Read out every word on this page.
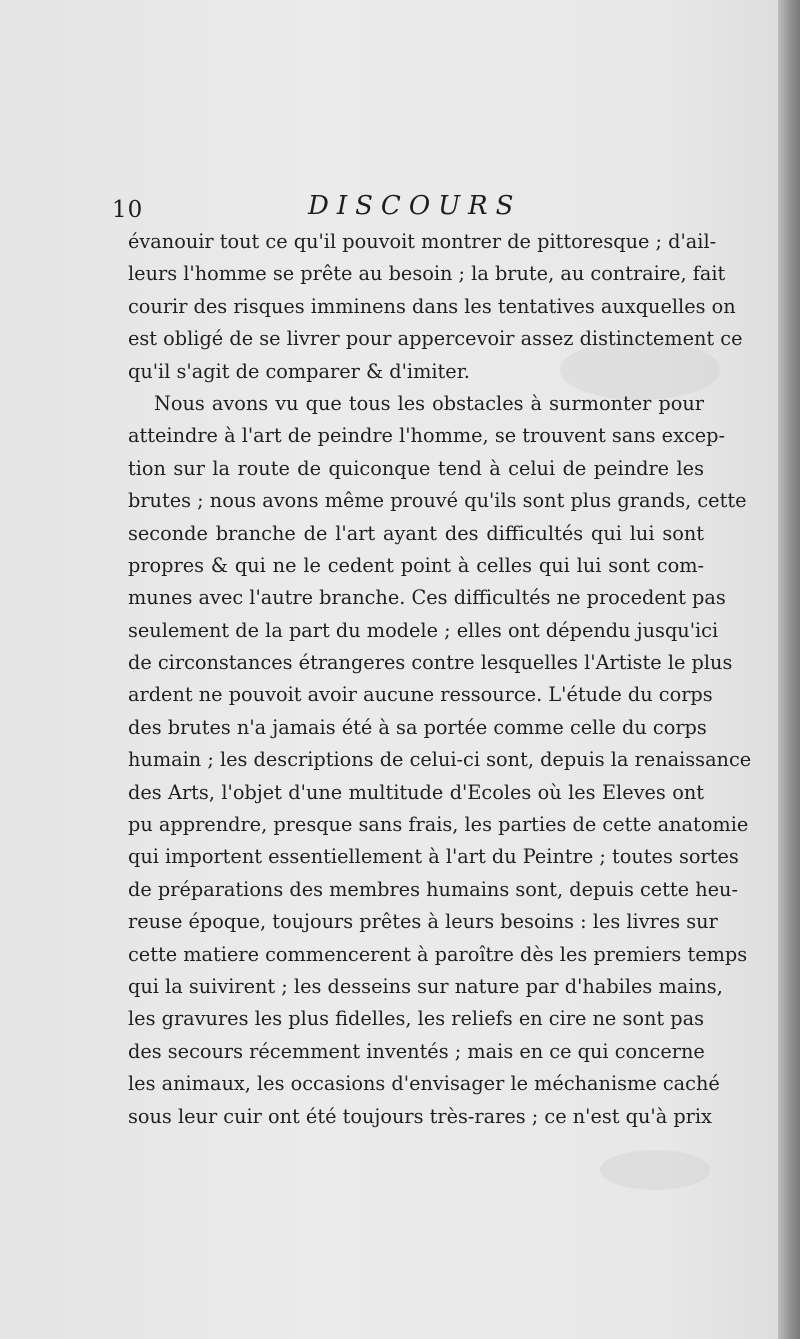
10	DISCOURS
évanouir tout ce qu'il pouvoit montrer de pittoresque ; d'ail-
leurs l'homme se prête au besoin ; la brute, au contraire, fait
courir des risques imminens dans les tentatives auxquelles on
est obligé de se livrer pour appercevoir assez distinctement ce
qu'il s'agit de comparer & d'imiter.
Nous avons vu que tous les obstacles à surmonter pour
atteindre à l'art de peindre l'homme, se trouvent sans excep-
tion sur la route de quiconque tend à celui de peindre les
brutes ; nous avons même prouvé qu'ils sont plus grands, cette
seconde branche de l'art ayant des difficultés qui lui sont
propres & qui ne le cedent point à celles qui lui sont com-
munes avec l'autre branche. Ces difficultés ne procedent pas
seulement de la part du modele ; elles ont dépendu jusqu'ici
de circonstances étrangeres contre lesquelles l'Artiste le plus
ardent ne pouvoit avoir aucune ressource. L'étude du corps
des brutes n'a jamais été à sa portée comme celle du corps
humain ; les descriptions de celui-ci sont, depuis la renaissance
des Arts, l'objet d'une multitude d'Ecoles où les Eleves ont
pu apprendre, presque sans frais, les parties de cette anatomie
qui importent essentiellement à l'art du Peintre ; toutes sortes
de préparations des membres humains sont, depuis cette heu-
reuse époque, toujours prêtes à leurs besoins : les livres sur
cette matiere commencerent à paroître dès les premiers temps
qui la suivirent ; les desseins sur nature par d'habiles mains,
les gravures les plus fidelles, les reliefs en cire ne sont pas
des secours récemment inventés ; mais en ce qui concerne
les animaux, les occasions d'envisager le méchanisme caché
sous leur cuir ont été toujours très-rares ; ce n'est qu'à prix
